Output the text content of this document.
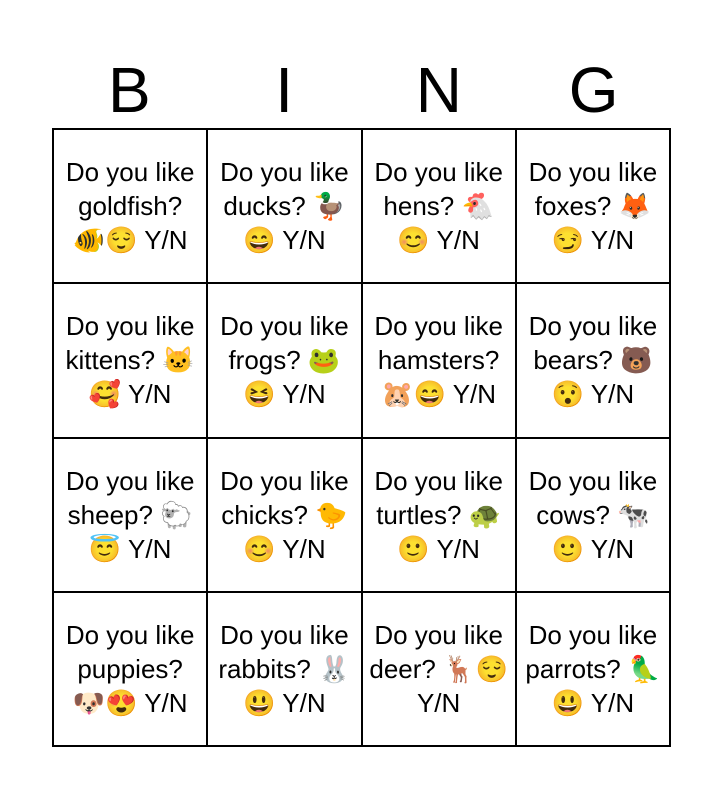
B	I	N	G
Do you like goldfish? 🐠😌 Y/N
Do you like ducks? 🦆😄 Y/N
Do you like hens? 🐔😊 Y/N
Do you like foxes? 🦊😏 Y/N
Do you like kittens? 🐱🥰 Y/N
Do you like frogs? 🐸😆 Y/N
Do you like hamsters? 🐹😄 Y/N
Do you like bears? 🐻😯 Y/N
Do you like sheep? 🐑😇 Y/N
Do you like chicks? 🐤😊 Y/N
Do you like turtles? 🐢🙂 Y/N
Do you like cows? 🐄🙂 Y/N
Do you like puppies? 🐶😍 Y/N
Do you like rabbits? 🐰😃 Y/N
Do you like deer? 🦌😌 Y/N
Do you like parrots? 🦜😃 Y/N
